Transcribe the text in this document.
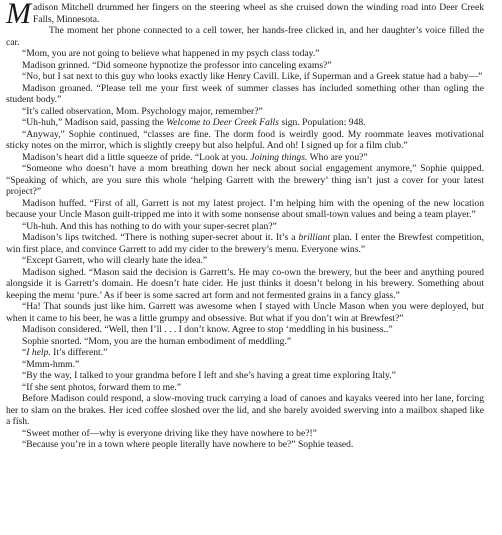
Madison Mitchell drummed her fingers on the steering wheel as she cruised down the winding road into Deer Creek Falls, Minnesota.

The moment her phone connected to a cell tower, her hands-free clicked in, and her daughter’s voice filled the car.

“Mom, you are not going to believe what happened in my psych class today.”

Madison grinned. “Did someone hypnotize the professor into canceling exams?”

“No, but I sat next to this guy who looks exactly like Henry Cavill. Like, if Superman and a Greek statue had a baby—”

Madison groaned. “Please tell me your first week of summer classes has included something other than ogling the student body.”

“It’s called observation, Mom. Psychology major, remember?”

“Uh-huh,” Madison said, passing the Welcome to Deer Creek Falls sign. Population: 948.

“Anyway,” Sophie continued, “classes are fine. The dorm food is weirdly good. My roommate leaves motivational sticky notes on the mirror, which is slightly creepy but also helpful. And oh! I signed up for a film club.”

Madison’s heart did a little squeeze of pride. “Look at you. Joining things. Who are you?”

“Someone who doesn’t have a mom breathing down her neck about social engagement anymore,” Sophie quipped. “Speaking of which, are you sure this whole ‘helping Garrett with the brewery’ thing isn’t just a cover for your latest project?”

Madison huffed. “First of all, Garrett is not my latest project. I’m helping him with the opening of the new location because your Uncle Mason guilt-tripped me into it with some nonsense about small-town values and being a team player.”

“Uh-huh. And this has nothing to do with your super-secret plan?”

Madison’s lips twitched. “There is nothing super-secret about it. It’s a brilliant plan. I enter the Brewfest competition, win first place, and convince Garrett to add my cider to the brewery’s menu. Everyone wins.”

“Except Garrett, who will clearly hate the idea.”

Madison sighed. “Mason said the decision is Garrett’s. He may co-own the brewery, but the beer and anything poured alongside it is Garrett’s domain. He doesn’t hate cider. He just thinks it doesn’t belong in his brewery. Something about keeping the menu ‘pure.’ As if beer is some sacred art form and not fermented grains in a fancy glass.”

“Ha! That sounds just like him. Garrett was awesome when I stayed with Uncle Mason when you were deployed, but when it came to his beer, he was a little grumpy and obsessive. But what if you don’t win at Brewfest?”

Madison considered. “Well, then I’ll . . . I don’t know. Agree to stop ‘meddling in his business..”

Sophie snorted. “Mom, you are the human embodiment of meddling.”

“I help. It’s different.”

“Mmm-hmm.”

“By the way, I talked to your grandma before I left and she’s having a great time exploring Italy.”

“If she sent photos, forward them to me.”

Before Madison could respond, a slow-moving truck carrying a load of canoes and kayaks veered into her lane, forcing her to slam on the brakes. Her iced coffee sloshed over the lid, and she barely avoided swerving into a mailbox shaped like a fish.

“Sweet mother of—why is everyone driving like they have nowhere to be?!”

“Because you’re in a town where people literally have nowhere to be?” Sophie teased.
